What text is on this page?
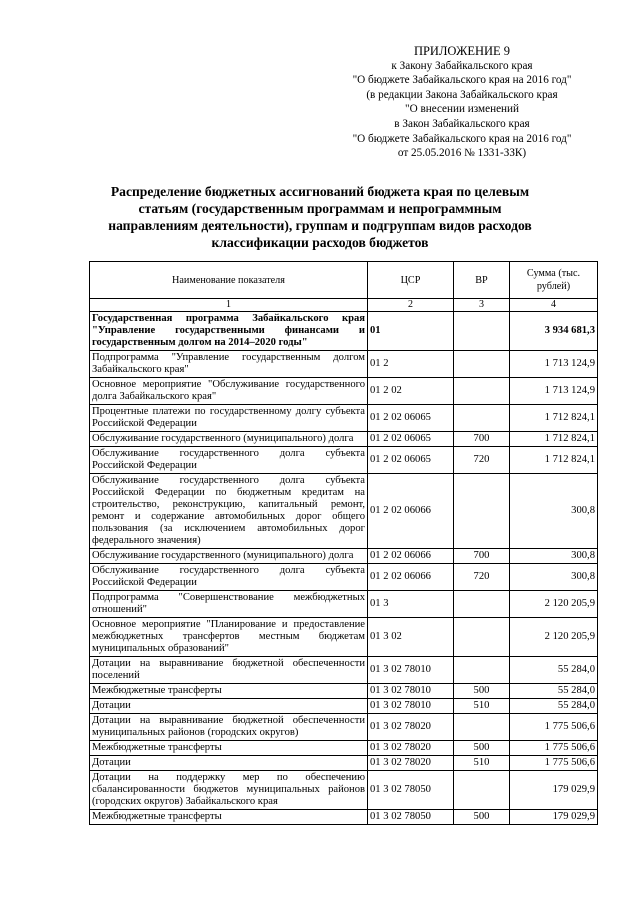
ПРИЛОЖЕНИЕ 9
к Закону Забайкальского края
"О бюджете Забайкальского края на 2016 год"
(в редакции Закона Забайкальского края
"О внесении изменений
в Закон Забайкальского края
"О бюджете Забайкальского края на 2016 год"
от 25.05.2016 № 1331-ЗЗК)
Распределение бюджетных ассигнований бюджета края по целевым статьям (государственным программам и непрограммным направлениям деятельности), группам и подгруппам видов расходов классификации расходов бюджетов
Наименование показателя	ЦСР	ВР	Сумма (тыс. рублей)
1	2	3	4
Государственная программа Забайкальского края "Управление государственными финансами и государственным долгом на 2014–2020 годы"	01		3 934 681,3
Подпрограмма "Управление государственным долгом Забайкальского края"	01 2		1 713 124,9
Основное мероприятие "Обслуживание государственного долга Забайкальского края"	01 2 02		1 713 124,9
Процентные платежи по государственному долгу субъекта Российской Федерации	01 2 02 06065		1 712 824,1
Обслуживание государственного (муниципального) долга	01 2 02 06065	700	1 712 824,1
Обслуживание государственного долга субъекта Российской Федерации	01 2 02 06065	720	1 712 824,1
Обслуживание государственного долга субъекта Российской Федерации по бюджетным кредитам на строительство, реконструкцию, капитальный ремонт, ремонт и содержание автомобильных дорог общего пользования (за исключением автомобильных дорог федерального значения)	01 2 02 06066		300,8
Обслуживание государственного (муниципального) долга	01 2 02 06066	700	300,8
Обслуживание государственного долга субъекта Российской Федерации	01 2 02 06066	720	300,8
Подпрограмма "Совершенствование межбюджетных отношений"	01 3		2 120 205,9
Основное мероприятие "Планирование и предоставление межбюджетных трансфертов местным бюджетам муниципальных образований"	01 3 02		2 120 205,9
Дотации на выравнивание бюджетной обеспеченности поселений	01 3 02 78010		55 284,0
Межбюджетные трансферты	01 3 02 78010	500	55 284,0
Дотации	01 3 02 78010	510	55 284,0
Дотации на выравнивание бюджетной обеспеченности муниципальных районов (городских округов)	01 3 02 78020		1 775 506,6
Межбюджетные трансферты	01 3 02 78020	500	1 775 506,6
Дотации	01 3 02 78020	510	1 775 506,6
Дотации на поддержку мер по обеспечению сбалансированности бюджетов муниципальных районов (городских округов) Забайкальского края	01 3 02 78050		179 029,9
Межбюджетные трансферты	01 3 02 78050	500	179 029,9
